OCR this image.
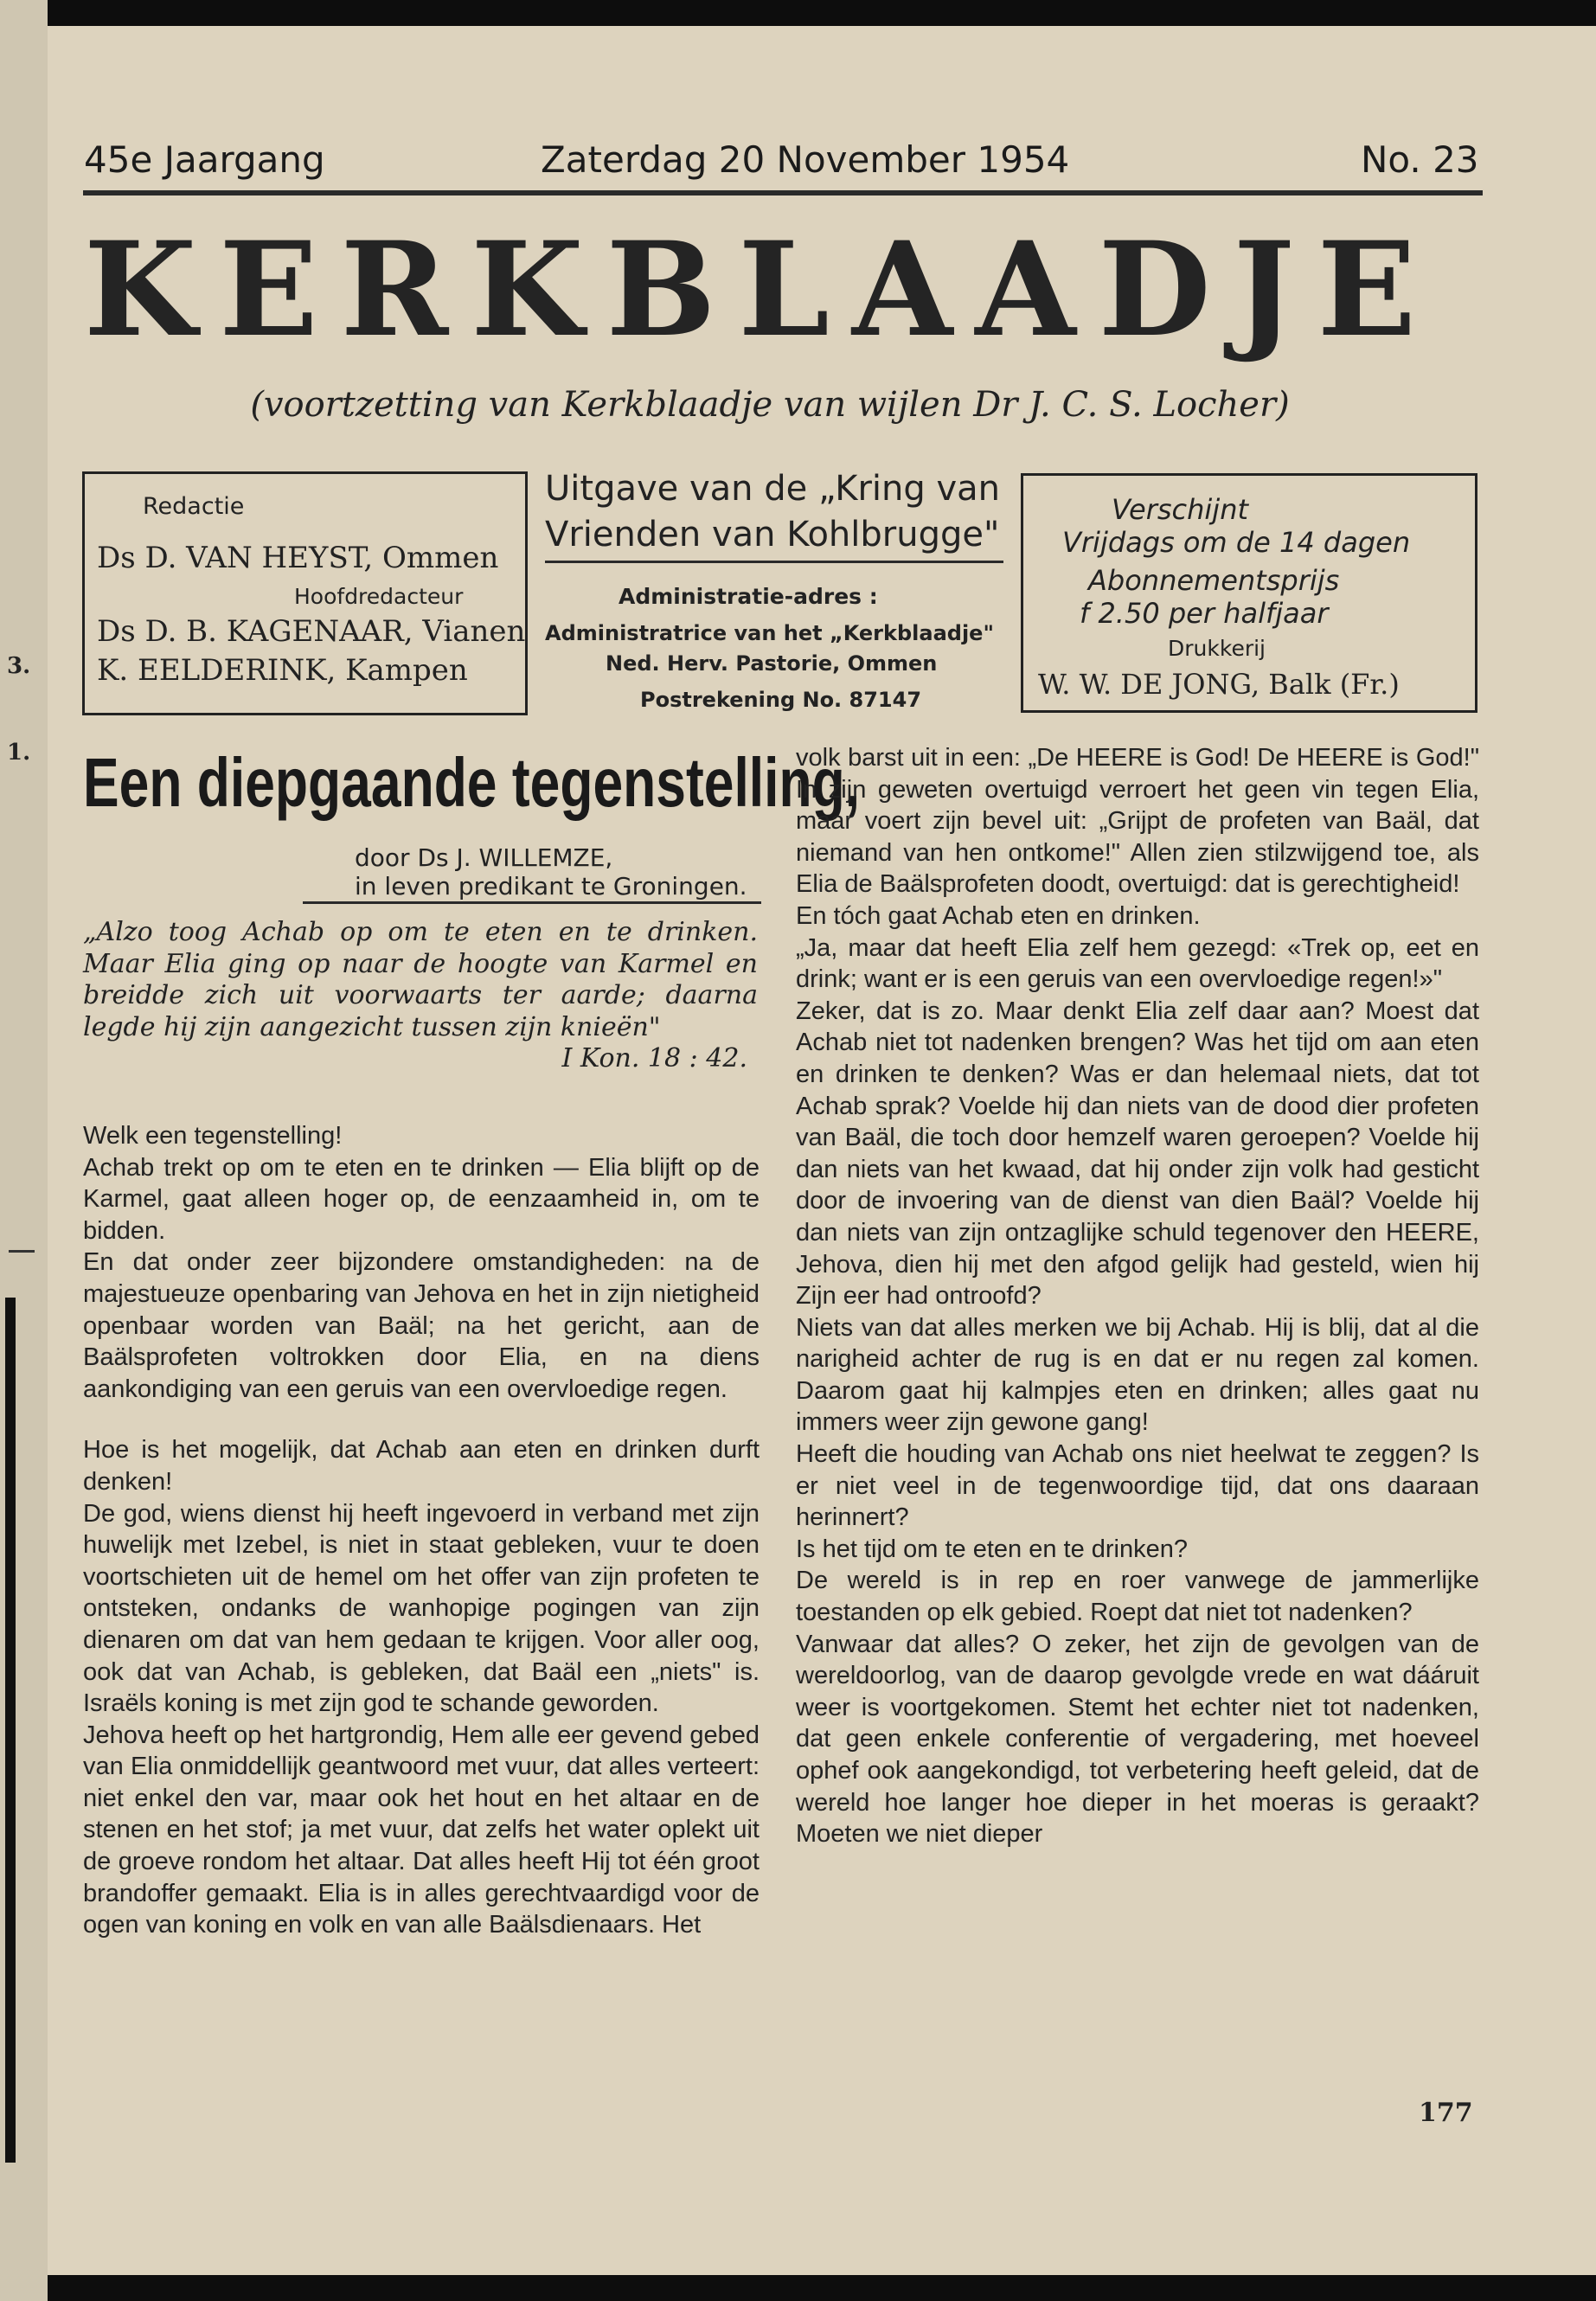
3.
1.
45e Jaargang	Zaterdag 20 November 1954	No. 23
KERKBLAADJE
(voortzetting van Kerkblaadje van wijlen Dr J. C. S. Locher)
Redactie
Ds D. VAN HEYST, Ommen
Hoofdredacteur
Ds D. B. KAGENAAR, Vianen
K. EELDERINK, Kampen
Uitgave van de „Kring van
Vrienden van Kohlbrugge"
Administratie-adres :
Administratrice van het „Kerkblaadje"
Ned. Herv. Pastorie, Ommen
Postrekening No. 87147
Verschijnt
Vrijdags om de 14 dagen
Abonnementsprijs
f 2.50 per halfjaar
Drukkerij
W. W. DE JONG, Balk (Fr.)
Een diepgaande tegenstelling,
door Ds J. WILLEMZE,
in leven predikant te Groningen.

„Alzo toog Achab op om te eten en te drinken. Maar Elia ging op naar de hoogte van Karmel en breidde zich uit voorwaarts ter aarde; daarna legde hij zijn aangezicht tussen zijn knieën"

I Kon. 18 : 42.

Welk een tegenstelling!

Achab trekt op om te eten en te drinken — Elia blijft op de Karmel, gaat alleen hoger op, de eenzaamheid in, om te bidden.

En dat onder zeer bijzondere omstandigheden: na de majestueuze openbaring van Jehova en het in zijn nietigheid openbaar worden van Baäl; na het gericht, aan de Baälsprofeten voltrokken door Elia, en na diens aankondiging van een geruis van een overvloedige regen.

Hoe is het mogelijk, dat Achab aan eten en drinken durft denken!

De god, wiens dienst hij heeft ingevoerd in verband met zijn huwelijk met Izebel, is niet in staat gebleken, vuur te doen voortschieten uit de hemel om het offer van zijn profeten te ontsteken, ondanks de wanhopige pogingen van zijn dienaren om dat van hem gedaan te krijgen. Voor aller oog, ook dat van Achab, is gebleken, dat Baäl een „niets" is. Israëls koning is met zijn god te schande geworden.

Jehova heeft op het hartgrondig, Hem alle eer gevend gebed van Elia onmiddellijk geantwoord met vuur, dat alles verteert: niet enkel den var, maar ook het hout en het altaar en de stenen en het stof; ja met vuur, dat zelfs het water oplekt uit de groeve rondom het altaar. Dat alles heeft Hij tot één groot brandoffer gemaakt. Elia is in alles gerechtvaardigd voor de ogen van koning en volk en van alle Baälsdienaars. Het

volk barst uit in een: „De HEERE is God! De HEERE is God!" In zijn geweten overtuigd verroert het geen vin tegen Elia, maar voert zijn bevel uit: „Grijpt de profeten van Baäl, dat niemand van hen ontkome!" Allen zien stilzwijgend toe, als Elia de Baälsprofeten doodt, overtuigd: dat is gerechtigheid!

En tóch gaat Achab eten en drinken.

„Ja, maar dat heeft Elia zelf hem gezegd: «Trek op, eet en drink; want er is een geruis van een overvloedige regen!»"

Zeker, dat is zo. Maar denkt Elia zelf daar aan? Moest dat Achab niet tot nadenken brengen? Was het tijd om aan eten en drinken te denken? Was er dan helemaal niets, dat tot Achab sprak? Voelde hij dan niets van de dood dier profeten van Baäl, die toch door hemzelf waren geroepen? Voelde hij dan niets van het kwaad, dat hij onder zijn volk had gesticht door de invoering van de dienst van dien Baäl? Voelde hij dan niets van zijn ontzaglijke schuld tegenover den HEERE, Jehova, dien hij met den afgod gelijk had gesteld, wien hij Zijn eer had ontroofd?

Niets van dat alles merken we bij Achab. Hij is blij, dat al die narigheid achter de rug is en dat er nu regen zal komen. Daarom gaat hij kalmpjes eten en drinken; alles gaat nu immers weer zijn gewone gang!

Heeft die houding van Achab ons niet heelwat te zeggen? Is er niet veel in de tegenwoordige tijd, dat ons daaraan herinnert?

Is het tijd om te eten en te drinken?

De wereld is in rep en roer vanwege de jammerlijke toestanden op elk gebied. Roept dat niet tot nadenken?

Vanwaar dat alles? O zeker, het zijn de gevolgen van de wereldoorlog, van de daarop gevolgde vrede en wat dááruit weer is voortgekomen. Stemt het echter niet tot nadenken, dat geen enkele conferentie of vergadering, met hoeveel ophef ook aangekondigd, tot verbetering heeft geleid, dat de wereld hoe langer hoe dieper in het moeras is geraakt? Moeten we niet dieper

177
